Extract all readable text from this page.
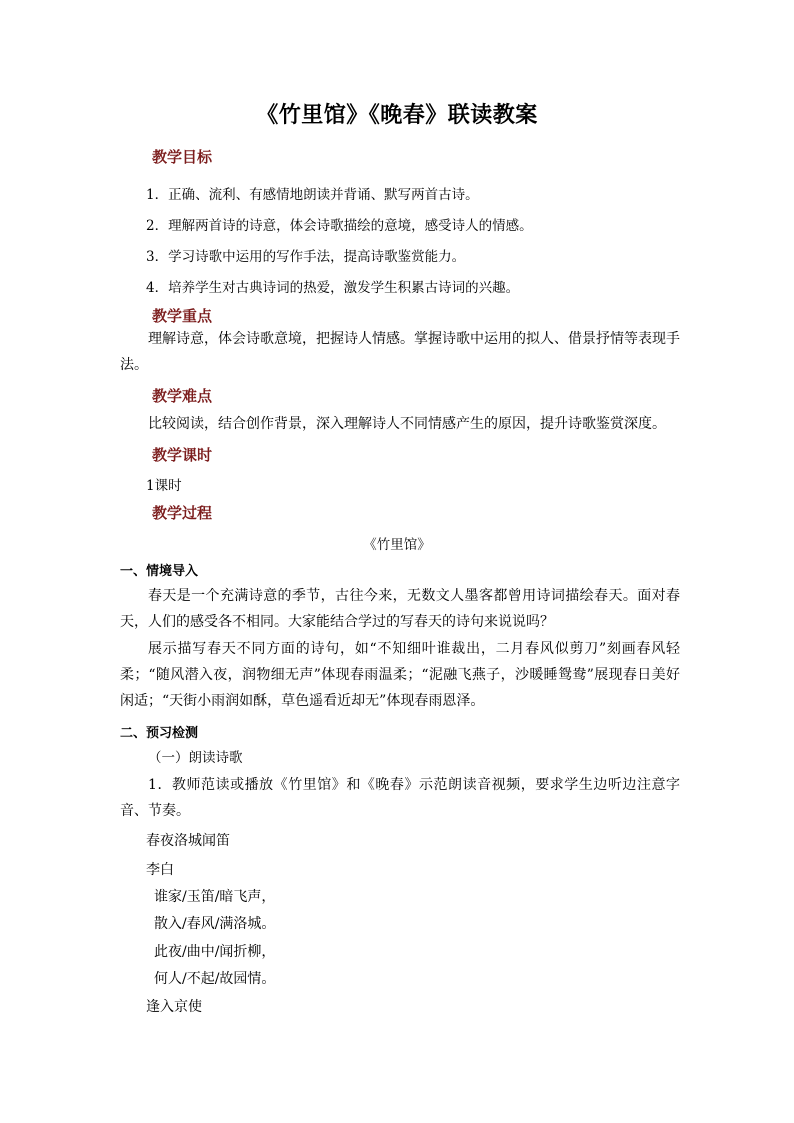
《竹里馆》《晚春》联读教案
教学目标
1．正确、流利、有感情地朗读并背诵、默写两首古诗。
2．理解两首诗的诗意，体会诗歌描绘的意境，感受诗人的情感。
3．学习诗歌中运用的写作手法，提高诗歌鉴赏能力。
4．培养学生对古典诗词的热爱，激发学生积累古诗词的兴趣。
教学重点
理解诗意，体会诗歌意境，把握诗人情感。掌握诗歌中运用的拟人、借景抒情等表现手法。
教学难点
比较阅读，结合创作背景，深入理解诗人不同情感产生的原因，提升诗歌鉴赏深度。
教学课时
1课时
教学过程
《竹里馆》
一、情境导入
春天是一个充满诗意的季节，古往今来，无数文人墨客都曾用诗词描绘春天。面对春天，人们的感受各不相同。大家能结合学过的写春天的诗句来说说吗？
展示描写春天不同方面的诗句，如“不知细叶谁裁出，二月春风似剪刀”刻画春风轻柔；“随风潜入夜，润物细无声”体现春雨温柔；“泥融飞燕子，沙暖睡鸳鸯”展现春日美好闲适；“天街小雨润如酥，草色遥看近却无”体现春雨恩泽。
二、预习检测
（一）朗读诗歌
1．教师范读或播放《竹里馆》和《晚春》示范朗读音视频，要求学生边听边注意字音、节奏。
春夜洛城闻笛
李白
谁家/玉笛/暗飞声，
散入/春风/满洛城。
此夜/曲中/闻折柳，
何人/不起/故园情。
逢入京使
